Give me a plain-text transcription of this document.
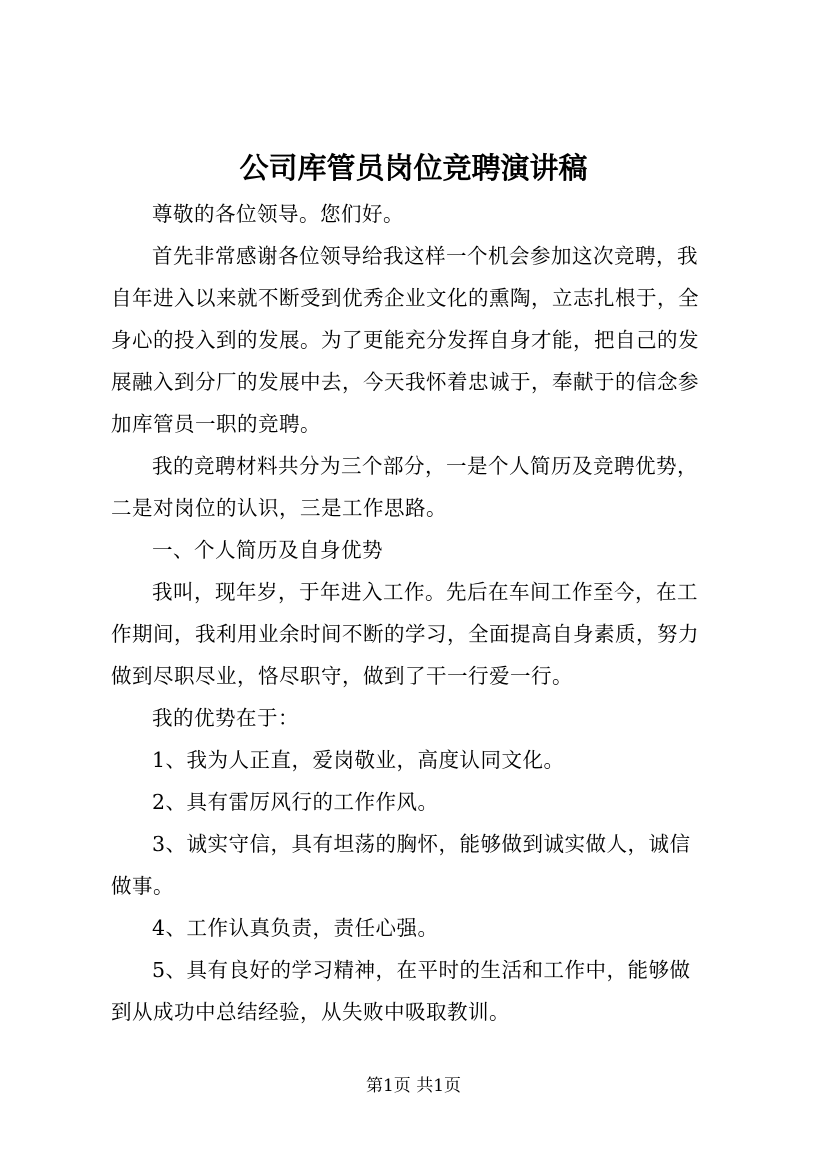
公司库管员岗位竞聘演讲稿
尊敬的各位领导。您们好。
首先非常感谢各位领导给我这样一个机会参加这次竞聘，我
自年进入以来就不断受到优秀企业文化的熏陶，立志扎根于，全
身心的投入到的发展。为了更能充分发挥自身才能，把自己的发
展融入到分厂的发展中去，今天我怀着忠诚于，奉献于的信念参
加库管员一职的竞聘。
我的竞聘材料共分为三个部分，一是个人简历及竞聘优势，
二是对岗位的认识，三是工作思路。
一、个人简历及自身优势
我叫，现年岁，于年进入工作。先后在车间工作至今，在工
作期间，我利用业余时间不断的学习，全面提高自身素质，努力
做到尽职尽业，恪尽职守，做到了干一行爱一行。
我的优势在于：
1、我为人正直，爱岗敬业，高度认同文化。
2、具有雷厉风行的工作作风。
3、诚实守信，具有坦荡的胸怀，能够做到诚实做人，诚信
做事。
4、工作认真负责，责任心强。
5、具有良好的学习精神，在平时的生活和工作中，能够做
到从成功中总结经验，从失败中吸取教训。
第1页 共1页
